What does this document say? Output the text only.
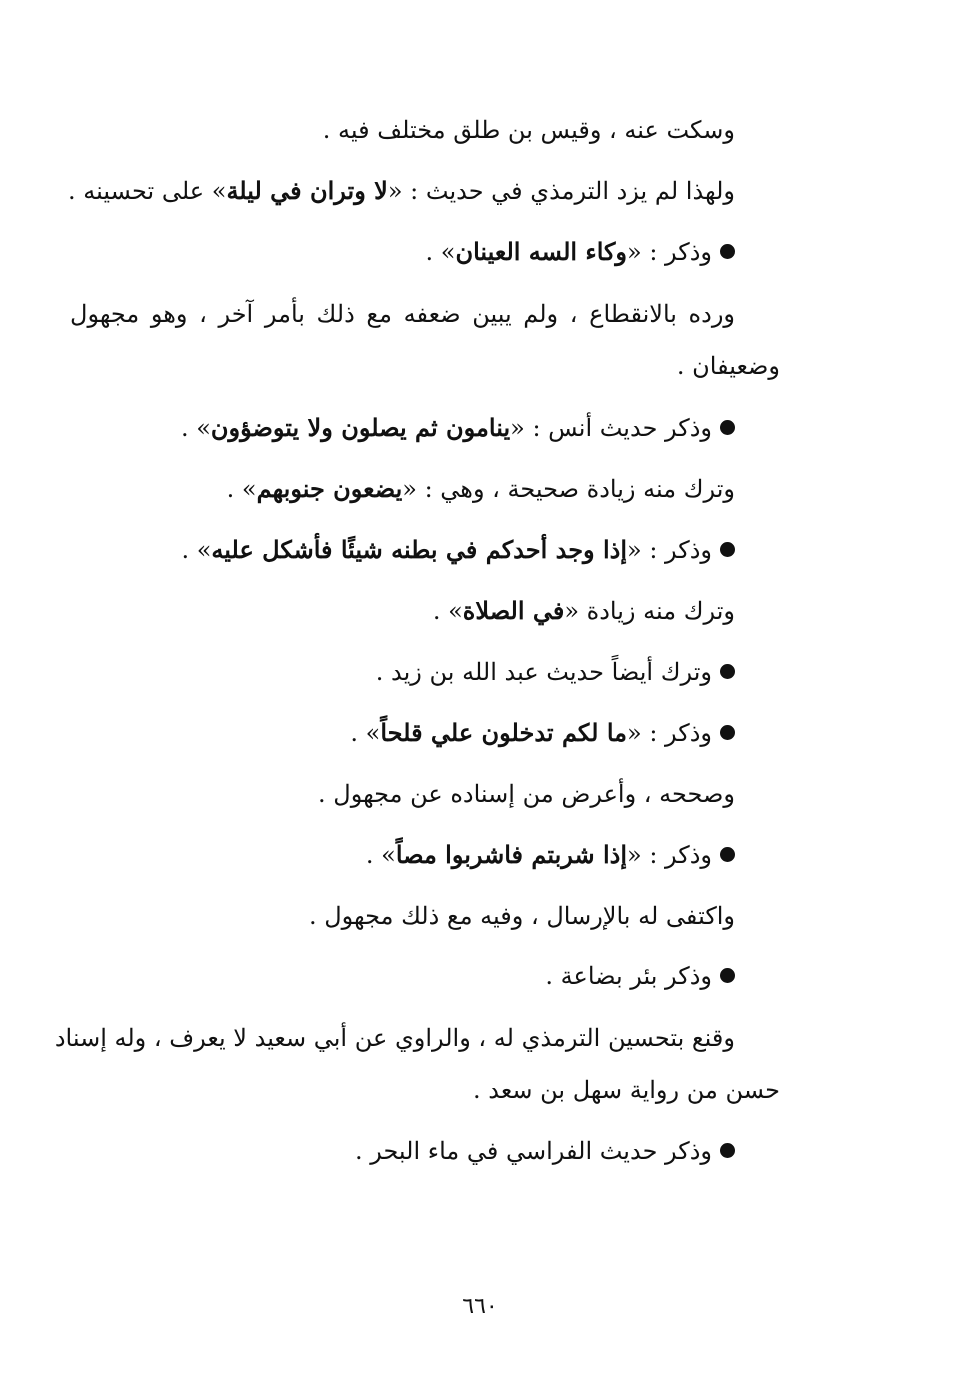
وسكت عنه ، وقيس بن طلق مختلف فيه .
ولهذا لم يزد الترمذي في حديث : «لا وتران في ليلة» على تحسينه .
وذكر : «وكاء السه العينان» .
ورده بالانقطاع ، ولم يبين ضعفه مع ذلك بأمر آخر ، وهو مجهول
وضعيفان .
وذكر حديث أنس : «ينامون ثم يصلون ولا يتوضؤون» .
وترك منه زيادة صحيحة ، وهي : «يضعون جنوبهم» .
وذكر : «إذا وجد أحدكم في بطنه شيئًا فأشكل عليه» .
وترك منه زيادة «في الصلاة» .
وترك أيضاً حديث عبد الله بن زيد .
وذكر : «ما لكم تدخلون علي قلحاً» .
وصححه ، وأعرض من إسناده عن مجهول .
وذكر : «إذا شربتم فاشربوا مصاً» .
واكتفى له بالإرسال ، وفيه مع ذلك مجهول .
وذكر بئر بضاعة .
وقنع بتحسين الترمذي له ، والراوي عن أبي سعيد لا يعرف ، وله إسناد
حسن من رواية سهل بن سعد .
وذكر حديث الفراسي في ماء البحر .
٦٦٠
